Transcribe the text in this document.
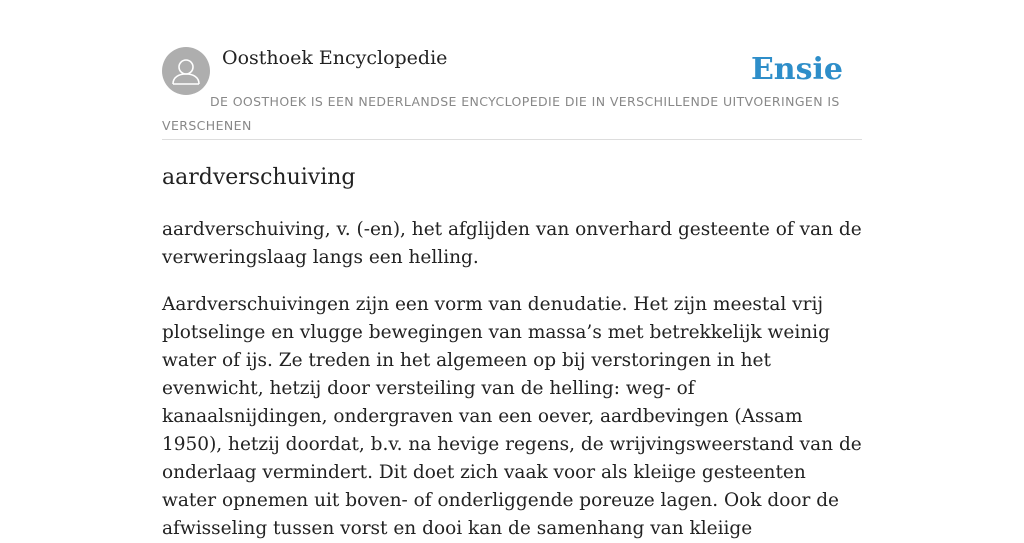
Oosthoek Encyclopedie	Ensie
DE OOSTHOEK IS EEN NEDERLANDSE ENCYCLOPEDIE DIE IN VERSCHILLENDE UITVOERINGEN IS VERSCHENEN
aardverschuiving

aardverschuiving, v. (-en), het afglijden van onverhard gesteente of van de verweringslaag langs een helling.

Aardverschuivingen zijn een vorm van denudatie. Het zijn meestal vrij plotselinge en vlugge bewegingen van massa’s met betrekkelijk weinig water of ijs. Ze treden in het algemeen op bij verstoringen in het evenwicht, hetzij door versteiling van de helling: weg- of kanaalsnijdingen, ondergraven van een oever, aardbevingen (Assam 1950), hetzij doordat, b.v. na hevige regens, de wrijvingsweerstand van de onderlaag vermindert. Dit doet zich vaak voor als kleiige gesteenten water opnemen uit boven- of onderliggende poreuze lagen. Ook door de afwisseling tussen vorst en dooi kan de samenhang van kleiige
